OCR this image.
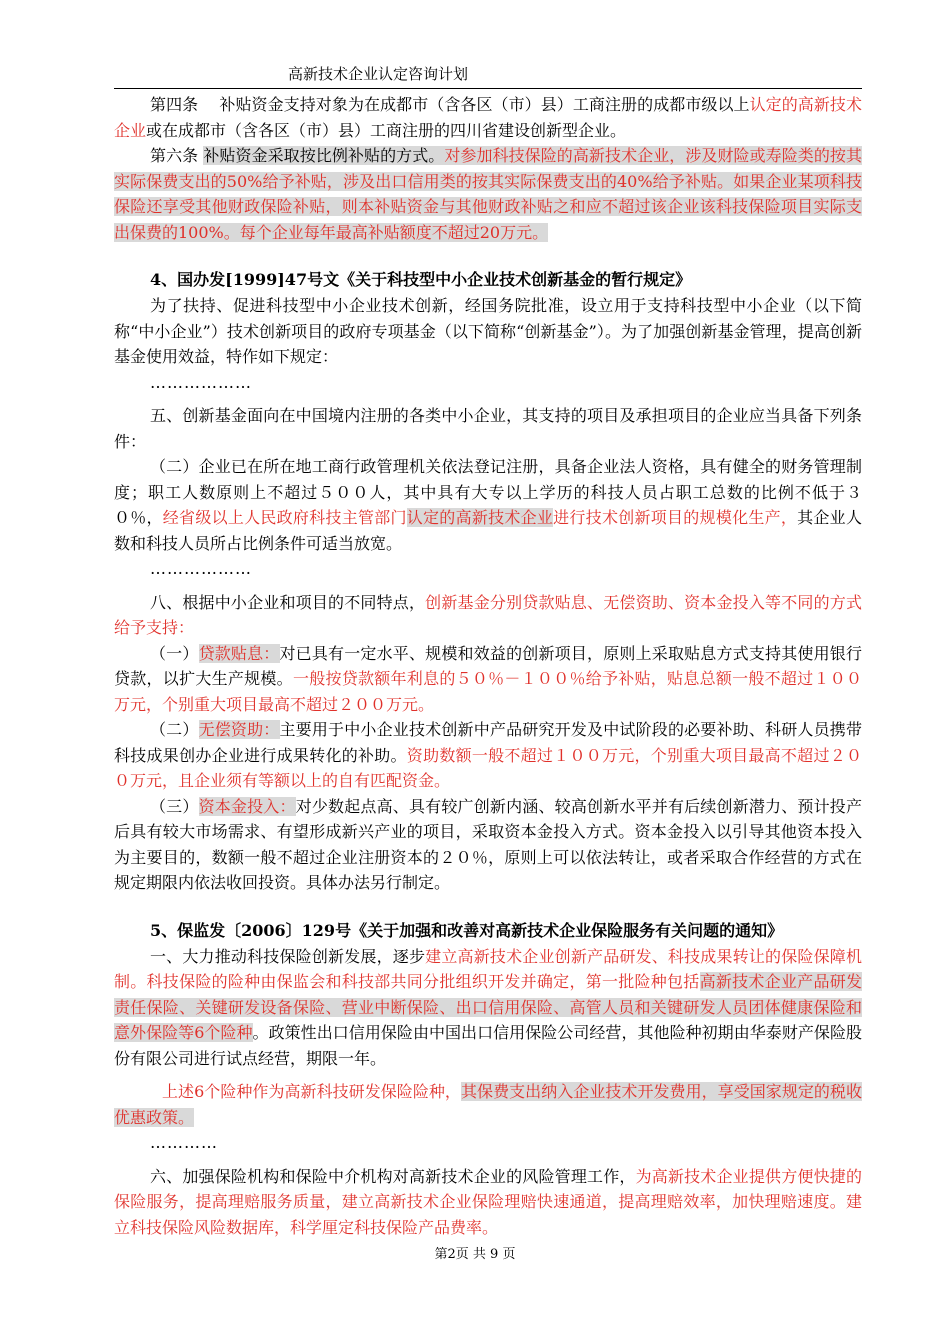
高新技术企业认定咨询计划

第四条　 补贴资金支持对象为在成都市（含各区（市）县）工商注册的成都市级以上认定的高新技术企业或在成都市（含各区（市）县）工商注册的四川省建设创新型企业。

第六条 补贴资金采取按比例补贴的方式。对参加科技保险的高新技术企业，涉及财险或寿险类的按其实际保费支出的50%给予补贴，涉及出口信用类的按其实际保费支出的40%给予补贴。如果企业某项科技保险还享受其他财政保险补贴，则本补贴资金与其他财政补贴之和应不超过该企业该科技保险项目实际支出保费的100%。每个企业每年最高补贴额度不超过20万元。

4、国办发[1999]47号文《关于科技型中小企业技术创新基金的暂行规定》

为了扶持、促进科技型中小企业技术创新，经国务院批准，设立用于支持科技型中小企业（以下简称“中小企业”）技术创新项目的政府专项基金（以下简称“创新基金”）。为了加强创新基金管理，提高创新基金使用效益，特作如下规定：

………………

五、创新基金面向在中国境内注册的各类中小企业，其支持的项目及承担项目的企业应当具备下列条件：

（二）企业已在所在地工商行政管理机关依法登记注册，具备企业法人资格，具有健全的财务管理制度；职工人数原则上不超过５００人，其中具有大专以上学历的科技人员占职工总数的比例不低于３０％，经省级以上人民政府科技主管部门认定的高新技术企业进行技术创新项目的规模化生产，其企业人数和科技人员所占比例条件可适当放宽。

………………

八、根据中小企业和项目的不同特点，创新基金分别贷款贴息、无偿资助、资本金投入等不同的方式给予支持：

（一）贷款贴息：对已具有一定水平、规模和效益的创新项目，原则上采取贴息方式支持其使用银行贷款，以扩大生产规模。一般按贷款额年利息的５０％－１００％给予补贴，贴息总额一般不超过１００万元，个别重大项目最高不超过２００万元。

（二）无偿资助：主要用于中小企业技术创新中产品研究开发及中试阶段的必要补助、科研人员携带科技成果创办企业进行成果转化的补助。资助数额一般不超过１００万元，个别重大项目最高不超过２００万元，且企业须有等额以上的自有匹配资金。

（三）资本金投入：对少数起点高、具有较广创新内涵、较高创新水平并有后续创新潜力、预计投产后具有较大市场需求、有望形成新兴产业的项目，采取资本金投入方式。资本金投入以引导其他资本投入为主要目的，数额一般不超过企业注册资本的２０％，原则上可以依法转让，或者采取合作经营的方式在规定期限内依法收回投资。具体办法另行制定。

5、保监发〔2006〕129号《关于加强和改善对高新技术企业保险服务有关问题的通知》

一、大力推动科技保险创新发展，逐步建立高新技术企业创新产品研发、科技成果转让的保险保障机制。科技保险的险种由保监会和科技部共同分批组织开发并确定，第一批险种包括高新技术企业产品研发责任保险、关键研发设备保险、营业中断保险、出口信用保险、高管人员和关键研发人员团体健康保险和意外保险等6个险种。政策性出口信用保险由中国出口信用保险公司经营，其他险种初期由华泰财产保险股份有限公司进行试点经营，期限一年。

上述6个险种作为高新科技研发保险险种，其保费支出纳入企业技术开发费用，享受国家规定的税收优惠政策。

…………

六、加强保险机构和保险中介机构对高新技术企业的风险管理工作，为高新技术企业提供方便快捷的保险服务，提高理赔服务质量，建立高新技术企业保险理赔快速通道，提高理赔效率，加快理赔速度。建立科技保险风险数据库，科学厘定科技保险产品费率。

第2页 共 9 页
